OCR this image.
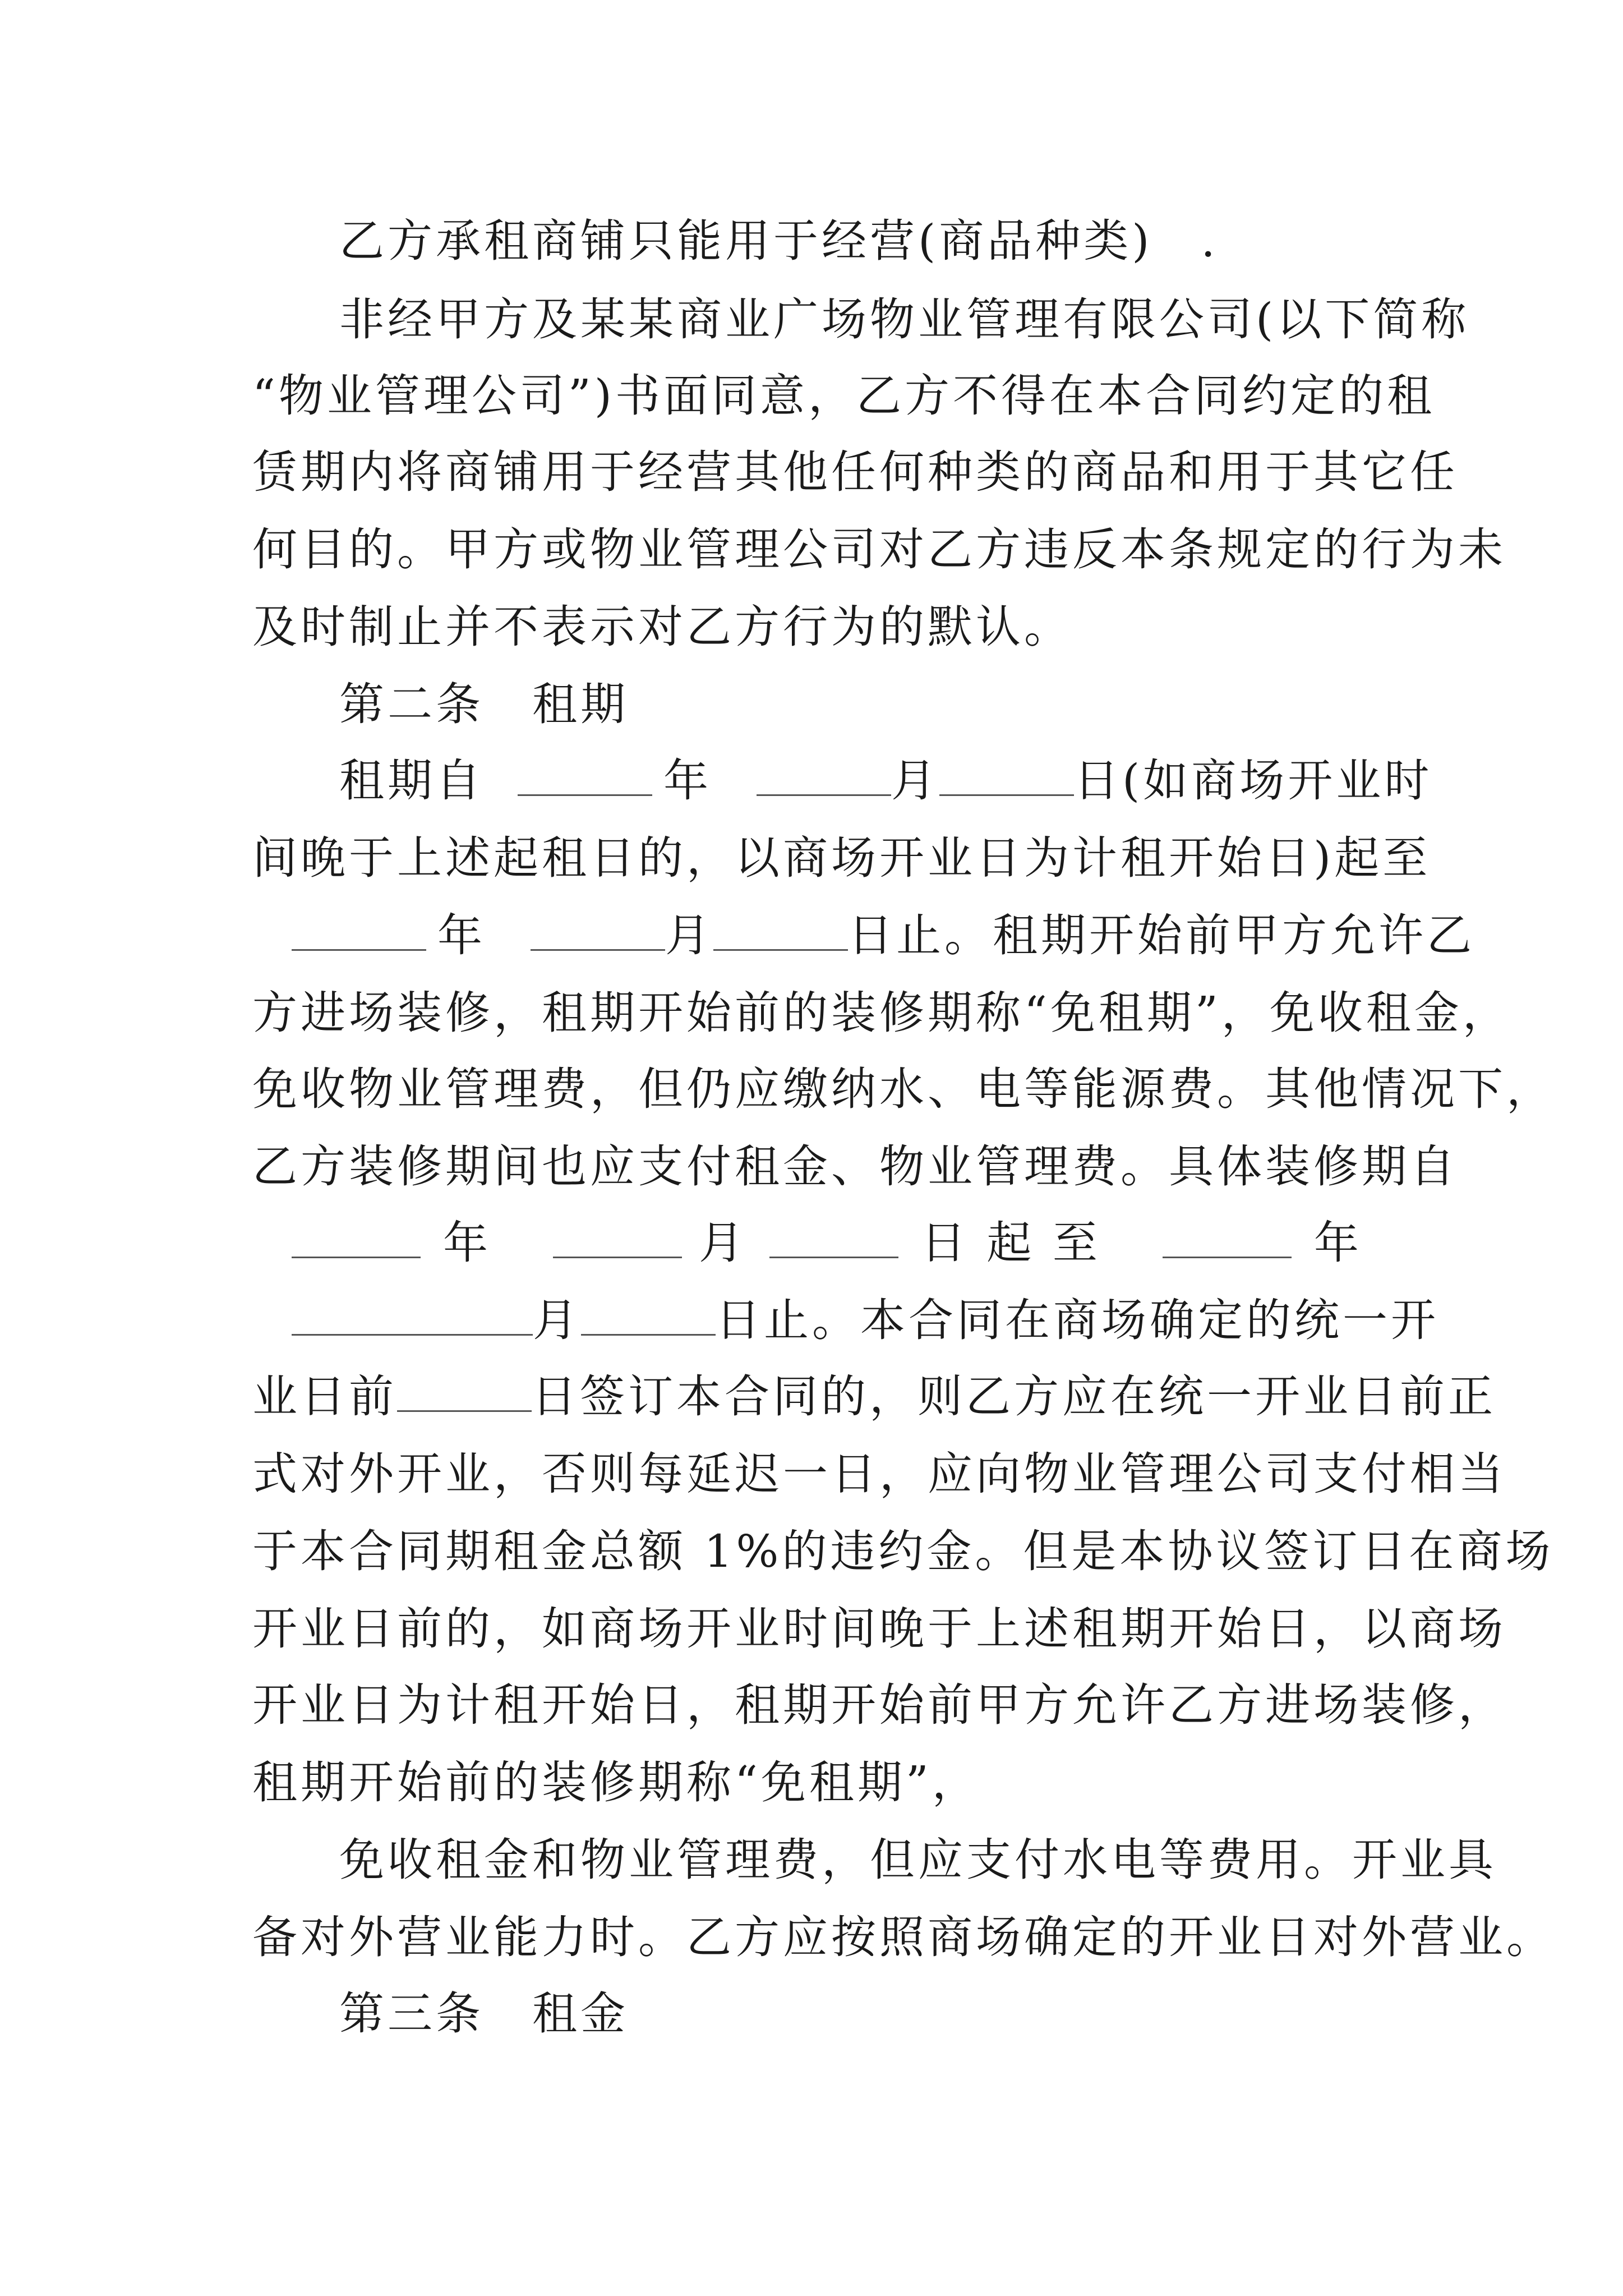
乙方承租商铺只能用于经营(商品种类)　.
非经甲方及某某商业广场物业管理有限公司(以下简称
“物业管理公司”)书面同意，乙方不得在本合同约定的租
赁期内将商铺用于经营其他任何种类的商品和用于其它任
何目的。甲方或物业管理公司对乙方违反本条规定的行为未
及时制止并不表示对乙方行为的默认。
第二条　租期
租期自	年	月	日(如商场开业时
间晚于上述起租日的，以商场开业日为计租开始日)起至
年	月	日止。租期开始前甲方允许乙
方进场装修，租期开始前的装修期称“免租期”，免收租金，
免收物业管理费，但仍应缴纳水、电等能源费。其他情况下，
乙方装修期间也应支付租金、物业管理费。具体装修期自
年	月	日 起 至	年
月	日止。本合同在商场确定的统一开
业日前	日签订本合同的，则乙方应在统一开业日前正
式对外开业，否则每延迟一日，应向物业管理公司支付相当
于本合同期租金总额 1%的违约金。但是本协议签订日在商场
开业日前的，如商场开业时间晚于上述租期开始日，以商场
开业日为计租开始日，租期开始前甲方允许乙方进场装修，
租期开始前的装修期称“免租期”，
免收租金和物业管理费，但应支付水电等费用。开业具
备对外营业能力时。乙方应按照商场确定的开业日对外营业。
第三条　租金
